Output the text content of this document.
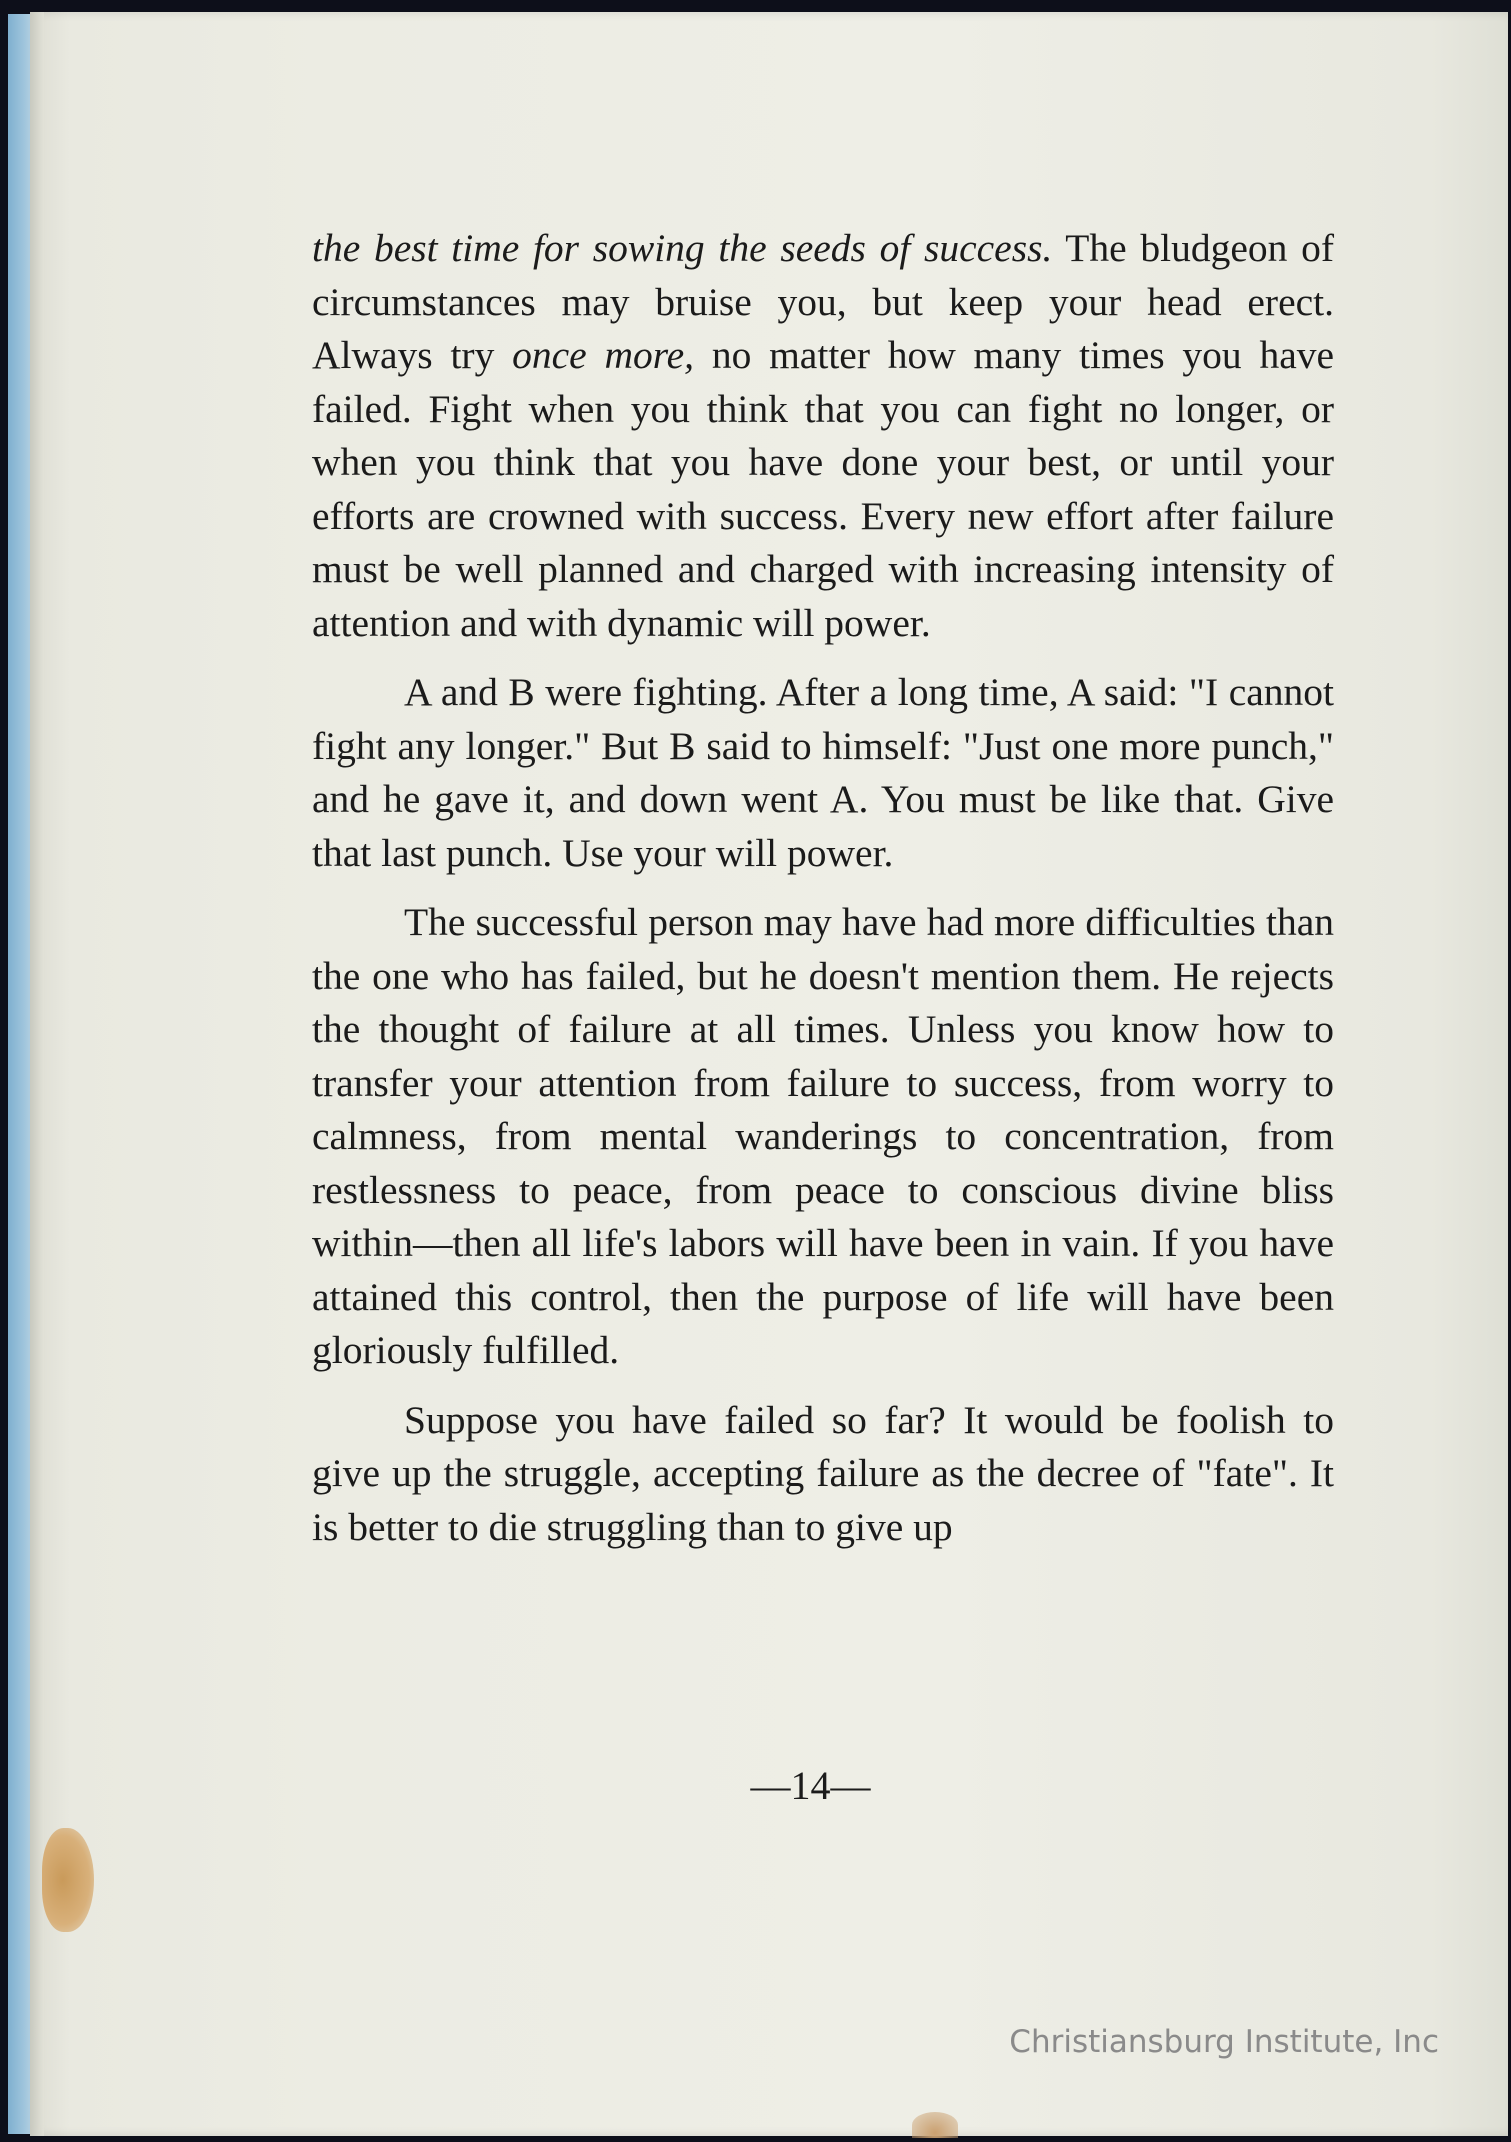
the best time for sowing the seeds of success. The bludgeon of circumstances may bruise you, but keep your head erect. Always try once more, no matter how many times you have failed. Fight when you think that you can fight no longer, or when you think that you have done your best, or until your efforts are crowned with success. Every new effort after failure must be well planned and charged with increasing intensity of attention and with dynamic will power.

A and B were fighting. After a long time, A said: "I cannot fight any longer." But B said to himself: "Just one more punch," and he gave it, and down went A. You must be like that. Give that last punch. Use your will power.

The successful person may have had more difficulties than the one who has failed, but he doesn't mention them. He rejects the thought of failure at all times. Unless you know how to transfer your attention from failure to success, from worry to calmness, from mental wanderings to concentration, from restlessness to peace, from peace to conscious divine bliss within—then all life's labors will have been in vain. If you have attained this control, then the purpose of life will have been gloriously fulfilled.

Suppose you have failed so far? It would be foolish to give up the struggle, accepting failure as the decree of "fate". It is better to die struggling than to give up

—14—
Christiansburg Institute, Inc
